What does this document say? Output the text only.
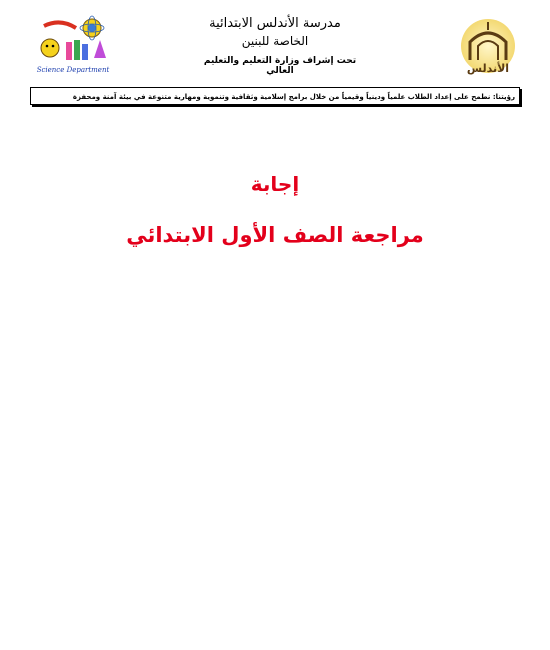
Science Department
مدرسة الأندلس الابتدائية
الخاصة للبنين
تحت إشراف وزارة التعليم والتعليم العالي	الأندلس
رؤيتنا: نطمح على إعداد الطلاب علمياً ودينياً وقيمياً من خلال برامج إسلامية وثقافية وتنموية ومهارية متنوعة في بيئة آمنة ومحفزة
إجابة
مراجعة الصف الأول الابتدائي
